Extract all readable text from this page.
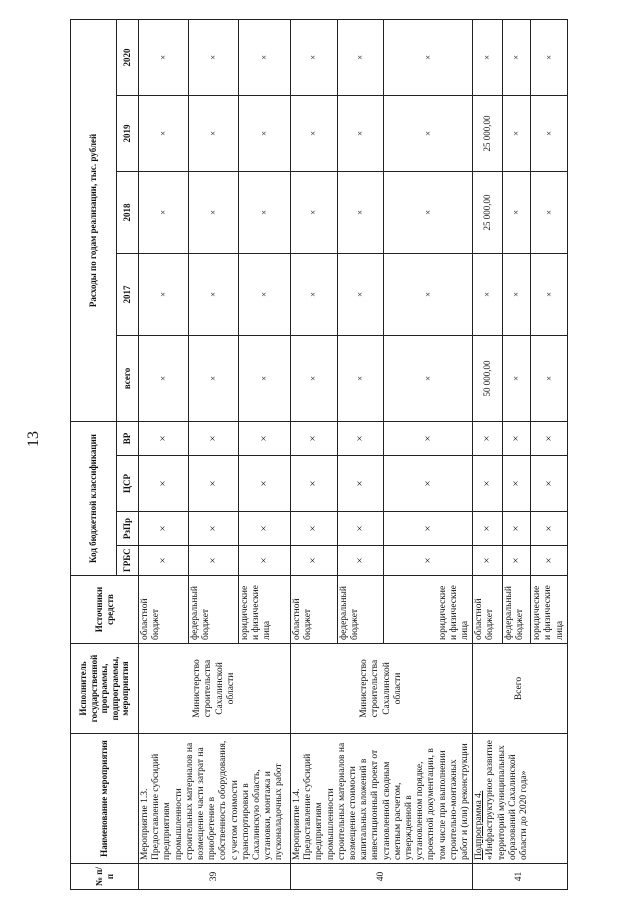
13
№ п/п	Наименование мероприятия	Исполнитель государственной программы, подпрограммы, мероприятия	Источники средств	Код бюджетной классификации				Расходы по годам реализации, тыс. рублей				
				ГРБС	РзПр	ЦСР	ВР	всего	2017	2018	2019	2020
39	Мероприятие 1.3. Предоставление субсидий предприятиям промышленности строительных материалов на возмещение части затрат на приобретение в собственность оборудования, с учетом стоимости транспортировки в Сахалинскую область, установки, монтажа и пусконаладочных работ	Министерство строительства Сахалинской области	областной бюджет	×	×	×	×	×	×	×	×	×
			федеральный бюджет	×	×	×	×	×	×	×	×	×
			юридические и физические лица	×	×	×	×	×	×	×	×	×
40	Мероприятие 1.4. Предоставление субсидий предприятиям промышленности строительных материалов на возмещение стоимости капитальных вложений в инвестиционный проект от установленной сводным сметным расчетом, утвержденной в установленном порядке, проектной документации, в том числе при выполнении строительно-монтажных работ и (или) реконструкции	Министерство строительства Сахалинской области	областной бюджет	×	×	×	×	×	×	×	×	×
			федеральный бюджет	×	×	×	×	×	×	×	×	×
			юридические и физические лица	×	×	×	×	×	×	×	×	×
41	Подпрограмма 4. «Инфраструктурное развитие территорий муниципальных образований Сахалинской области до 2020 года»	Всего	областной бюджет	×	×	×	×	50 000,00	×	25 000,00	25 000,00	×
			федеральный бюджет	×	×	×	×	×	×	×	×	×
			юридические и физические лица	×	×	×	×	×	×	×	×	×
